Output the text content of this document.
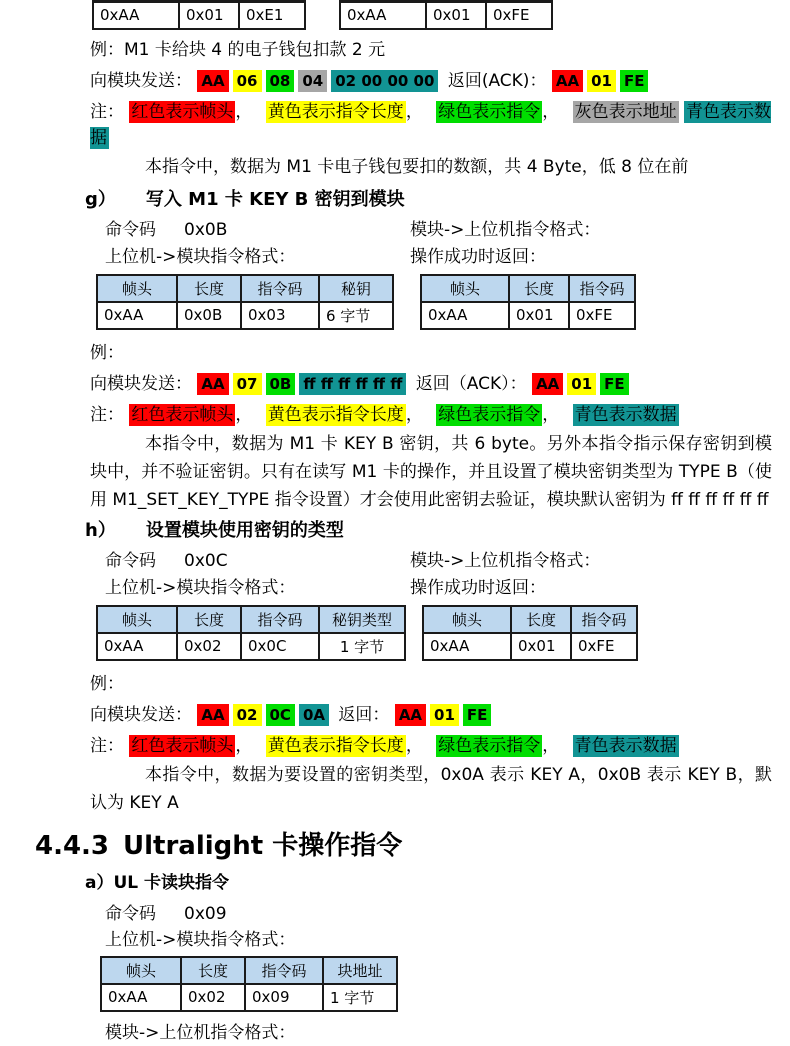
0xAA	0x01	0xE1	0xAA	0x01	0xFE
例：M1 卡给块 4 的电子钱包扣款 2 元
向模块发送： AA 06 08 04 02 00 00 00 返回(ACK)： AA 01 FE
注： 红色表示帧头 ， 黄色表示指令长度 ， 绿色表示指令 ， 灰色表示地址 青色表示数据

本指令中，数据为 M1 卡电子钱包要扣的数额，共 4 Byte，低 8 位在前

g） 写入 M1 卡 KEY B 密钥到模块
命令码 0x0B
上位机->模块指令格式：
模块->上位机指令格式：
操作成功时返回：
帧头	长度	指令码	秘钥
0xAA	0x0B	0x03	6 字节
帧头	长度	指令码
0xAA	0x01	0xFE
例：
向模块发送： AA 07 0B ff ff ff ff ff ff 返回（ACK）： AA 01 FE
注： 红色表示帧头 ， 黄色表示指令长度 ， 绿色表示指令 ， 青色表示数据

本指令中，数据为 M1 卡 KEY B 密钥，共 6 byte。另外本指令指示保存密钥到模块中，并不验证密钥。只有在读写 M1 卡的操作，并且设置了模块密钥类型为 TYPE B（使用 M1_SET_KEY_TYPE 指令设置）才会使用此密钥去验证，模块默认密钥为 ff ff ff ff ff ff

h） 设置模块使用密钥的类型
命令码 0x0C
上位机->模块指令格式：
模块->上位机指令格式：
操作成功时返回：
帧头	长度	指令码	秘钥类型
0xAA	0x02	0x0C	1 字节
帧头	长度	指令码
0xAA	0x01	0xFE
例：
向模块发送： AA 02 0C 0A 返回： AA 01 FE
注： 红色表示帧头 ， 黄色表示指令长度 ， 绿色表示指令 ， 青色表示数据

本指令中，数据为要设置的密钥类型，0x0A 表示 KEY A，0x0B 表示 KEY B，默认为 KEY A

4.4.3 Ultralight 卡操作指令
a）UL 卡读块指令
命令码 0x09
上位机->模块指令格式：
帧头	长度	指令码	块地址
0xAA	0x02	0x09	1 字节
模块->上位机指令格式：
